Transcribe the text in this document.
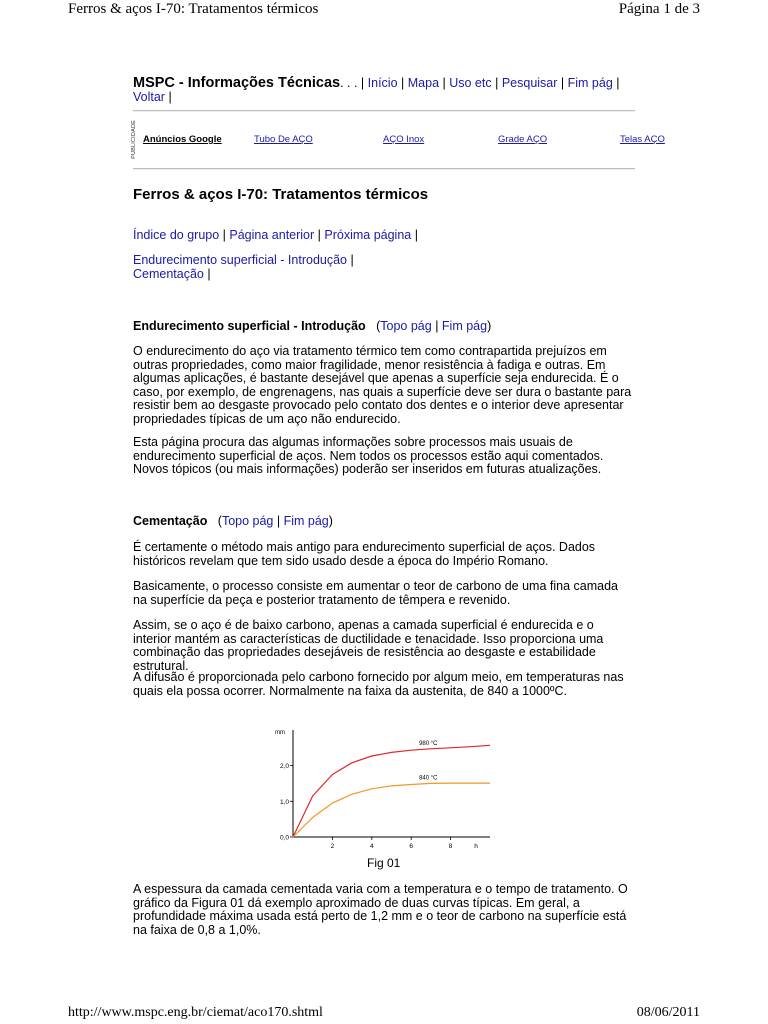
Ferros & aços I-70: Tratamentos térmicos	Página 1 de 3
MSPC - Informações Técnicas. . . | Início | Mapa | Uso etc | Pesquisar | Fim pág |
Voltar |
PUBLICIDADE Anúncios Google	Tubo De AÇO	AÇO Inox	Grade AÇO	Telas AÇO
Ferros & aços I-70: Tratamentos térmicos
Índice do grupo | Página anterior | Próxima página |
Endurecimento superficial - Introdução |
Cementação |
Endurecimento superficial - Introdução   (Topo pág | Fim pág)

O endurecimento do aço via tratamento térmico tem como contrapartida prejuízos em outras propriedades, como maior fragilidade, menor resistência à fadiga e outras. Em algumas aplicações, é bastante desejável que apenas a superfície seja endurecida. É o caso, por exemplo, de engrenagens, nas quais a superfície deve ser dura o bastante para resistir bem ao desgaste provocado pelo contato dos dentes e o interior deve apresentar propriedades típicas de um aço não endurecido.

Esta página procura das algumas informações sobre processos mais usuais de endurecimento superficial de aços. Nem todos os processos estão aqui comentados. Novos tópicos (ou mais informações) poderão ser inseridos em futuras atualizações.

Cementação   (Topo pág | Fim pág)

É certamente o método mais antigo para endurecimento superficial de aços. Dados históricos revelam que tem sido usado desde a época do Império Romano.

Basicamente, o processo consiste em aumentar o teor de carbono de uma fina camada na superfície da peça e posterior tratamento de têmpera e revenido.

Assim, se o aço é de baixo carbono, apenas a camada superficial é endurecida e o interior mantém as características de ductilidade e tenacidade. Isso proporciona uma combinação das propriedades desejáveis de resistência ao desgaste e estabilidade estrutural.

A difusão é proporcionada pelo carbono fornecido por algum meio, em temperaturas nas quais ela possa ocorrer. Normalmente na faixa da austenita, de 840 a 1000ºC.

mm
0,0
1,0
2,0
2	4	6	8	h
980 °C
840 °C
Fig 01

A espessura da camada cementada varia com a temperatura e o tempo de tratamento. O gráfico da Figura 01 dá exemplo aproximado de duas curvas típicas. Em geral, a profundidade máxima usada está perto de 1,2 mm e o teor de carbono na superfície está na faixa de 0,8 a 1,0%.

http://www.mspc.eng.br/ciemat/aco170.shtml	08/06/2011
